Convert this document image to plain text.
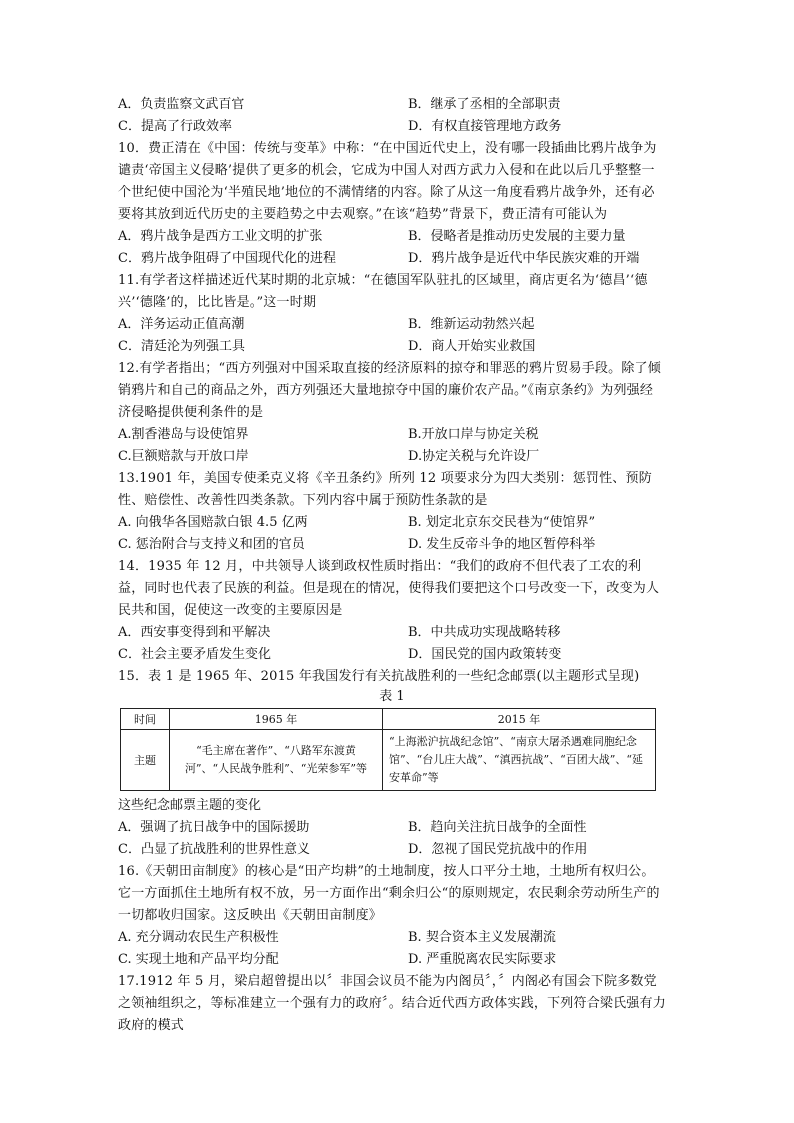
A．负责监察文武百官	B．继承了丞相的全部职责
C．提高了行政效率	D．有权直接管理地方政务
10．费正清在《中国：传统与变革》中称：“在中国近代史上，没有哪一段插曲比鸦片战争为谴责‘帝国主义侵略’提供了更多的机会，它成为中国人对西方武力入侵和在此以后几乎整整一个世纪使中国沦为‘半殖民地’地位的不满情绪的内容。除了从这一角度看鸦片战争外，还有必要将其放到近代历史的主要趋势之中去观察。”在该“趋势”背景下，费正清有可能认为
A．鸦片战争是西方工业文明的扩张	B．侵略者是推动历史发展的主要力量
C．鸦片战争阻碍了中国现代化的进程	D．鸦片战争是近代中华民族灾难的开端
11.有学者这样描述近代某时期的北京城：“在德国军队驻扎的区域里，商店更名为‘德昌’‘德兴’‘德隆’的，比比皆是。”这一时期
A．洋务运动正值高潮	B．维新运动勃然兴起
C．清廷沦为列强工具	D．商人开始实业救国
12.有学者指出；“西方列强对中国采取直接的经济原料的掠夺和罪恶的鸦片贸易手段。除了倾销鸦片和自己的商品之外，西方列强还大量地掠夺中国的廉价农产品。”《南京条约》为列强经济侵略提供便利条件的是
A.割香港岛与设使馆界	B.开放口岸与协定关税
C.巨额赔款与开放口岸	D.协定关税与允许设厂
13.1901 年，美国专使柔克义将《辛丑条约》所列 12 项要求分为四大类别：惩罚性、预防性、赔偿性、改善性四类条款。下列内容中属于预防性条款的是
A. 向俄华各国赔款白银 4.5 亿两	B. 划定北京东交民巷为“使馆界”
C. 惩治附合与支持义和团的官员	D. 发生反帝斗争的地区暂停科举
14．1935 年 12 月，中共领导人谈到政权性质时指出：“我们的政府不但代表了工农的利益，同时也代表了民族的利益。但是现在的情况，使得我们要把这个口号改变一下，改变为人民共和国，促使这一改变的主要原因是
A．西安事变得到和平解决	B．中共成功实现战略转移
C．社会主要矛盾发生变化	D．国民党的国内政策转变
15．表 1 是 1965 年、2015 年我国发行有关抗战胜利的一些纪念邮票(以主题形式呈现)
表 1
时间	1965 年	2015 年
主题	“毛主席在著作”、“八路军东渡黄河”、“人民战争胜利”、“光荣参军”等	“上海淞沪抗战纪念馆”、“南京大屠杀遇难同胞纪念馆”、“台儿庄大战”、“滇西抗战”、“百团大战”、“延安革命”等
这些纪念邮票主题的变化
A．强调了抗日战争中的国际援助	B．趋向关注抗日战争的全面性
C．凸显了抗战胜利的世界性意义	D．忽视了国民党抗战中的作用
16.《天朝田亩制度》的核心是“田产均耕”的土地制度，按人口平分土地，土地所有权归公。它一方面抓住土地所有权不放，另一方面作出“剩余归公“的原则规定，农民剩余劳动所生产的一切都收归国家。这反映出《天朝田亩制度》
A. 充分调动农民生产积极性	B. 契合资本主义发展潮流
C. 实现土地和产品平均分配	D. 严重脱离农民实际要求
17.1912 年 5 月，梁启超曾提出以〞非国会议员不能为内阁员〞，〞内阁必有国会下院多数党之领袖组织之，等标准建立一个强有力的政府〞。结合近代西方政体实践，下列符合梁氏强有力政府的模式
